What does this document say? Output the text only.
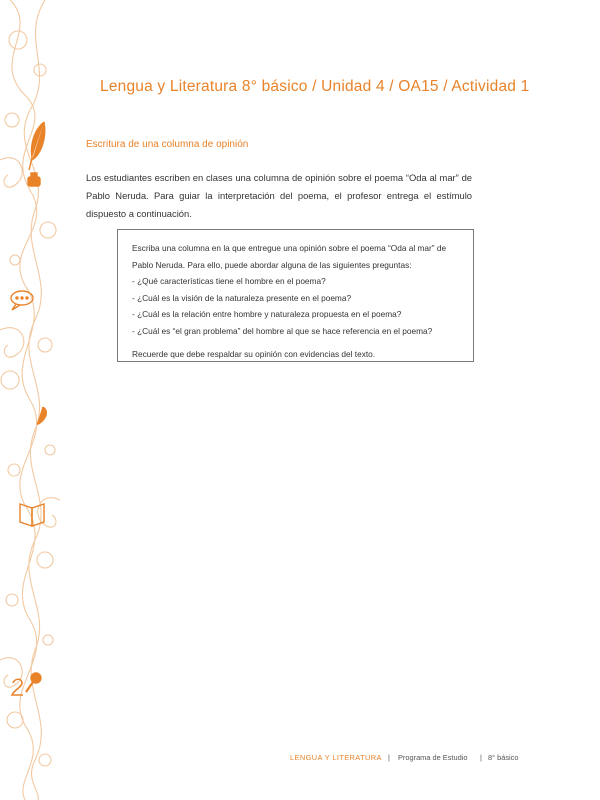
Lengua y Literatura 8° básico / Unidad 4 / OA15 / Actividad 1
Escritura de una columna de opinión
Los estudiantes escriben en clases una columna de opinión sobre el poema “Oda al mar” de Pablo Neruda. Para guiar la interpretación del poema, el profesor entrega el estímulo dispuesto a continuación.

Escriba una columna en la que entregue una opinión sobre el poema “Oda al mar” de Pablo Neruda. Para ello, puede abordar alguna de las siguientes preguntas:

- ¿Qué características tiene el hombre en el poema?

- ¿Cuál es la visión de la naturaleza presente en el poema?

- ¿Cuál es la relación entre hombre y naturaleza propuesta en el poema?

- ¿Cuál es “el gran problema” del hombre al que se hace referencia en el poema?

Recuerde que debe respaldar su opinión con evidencias del texto.

LENGUA Y LITERATURA | Programa de Estudio | 8° básico
